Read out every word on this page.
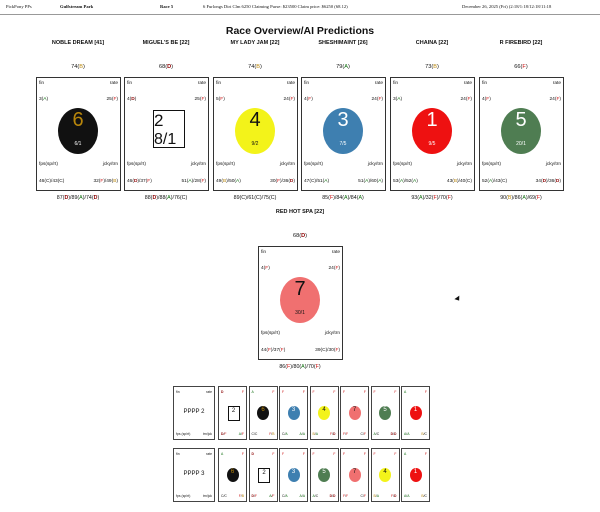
PickPony PPs	Gulfstream Park	Race 5	6 Furlongs Dirt Clm 6250 Claiming Purse: $23500 Claim price: $6250 (68.12)	December 26, 2025 (Fri) (2:18/1:18/12:18/11:18
Race Overview/AI Predictions
NOBLE DREAM [41]
74(B)
fin	rate
3(A)	25(F)
6
6/1
fps(sp/rt)	jcky/trn
46(C)/43(C)	32(F)/49(B)
87(D)/89(A)/74(D)
MIGUEL'S BE [22]
68(D)
fin	rate
4(D)	25(F)
2
8/1
fps(sp/rt)	jcky/trn
46(D)/37(F)	51(A)/28(F)
88(D)/88(A)/76(C)
MY LADY JAM [22]
74(B)
fin	rate
5(F)	24(F)
4
9/2
fps(sp/rt)	jcky/trn
49(B)/50(A)	30(F)/36(D)
89(C)/61(C)/75(C)
SHESHIMAINT [26]
79(A)
fin	rate
4(F)	24(F)
3
7/5
fps(sp/rt)	jcky/trn
47(C)/51(A)	51(A)/60(A)
85(F)/84(A)/84(A)
CHAINA [22]
73(B)
fin	rate
3(A)	24(F)
1
9/5
fps(sp/rt)	jcky/trn
53(A)/52(A)	43(B)/40(C)
93(A)/32(F)/70(F)
R FIREBIRD [22]
66(F)
fin	rate
4(F)	24(F)
5
20/1
fps(sp/rt)	jcky/trn
52(A)/43(C)	34(D)/36(D)
90(B)/86(A)/69(F)
RED HOT SPA [22]
68(D)
fin	rate
4(F)	24(F)
7
30/1
fps(sp/rt)	jcky/trn
44(F)/37(F)	39(C)/30(F)
86(F)/80(A)/70(F)
fin	rate
PPPP 2
fps (sp/rt)	trn/jck
D	F
2
D/F	A/F
A	F
6
C/C	F/B
F	F
3
C/A	A/A
F	F
4
B/A	F/D
F	F
7
F/F	C/F
F	F
5
A/C	D/D
A	F
1
A/A	B/C
fin	rate
PPPP 3
fps (sp/rt)	trn/jck
A	F
6
C/C	F/B
D	F
2
D/F	A/F
F	F
3
C/A	A/A
F	F
5
A/C	D/D
F	F
7
F/F	C/F
F	F
4
B/A	F/D
A	F
1
A/A	B/C
